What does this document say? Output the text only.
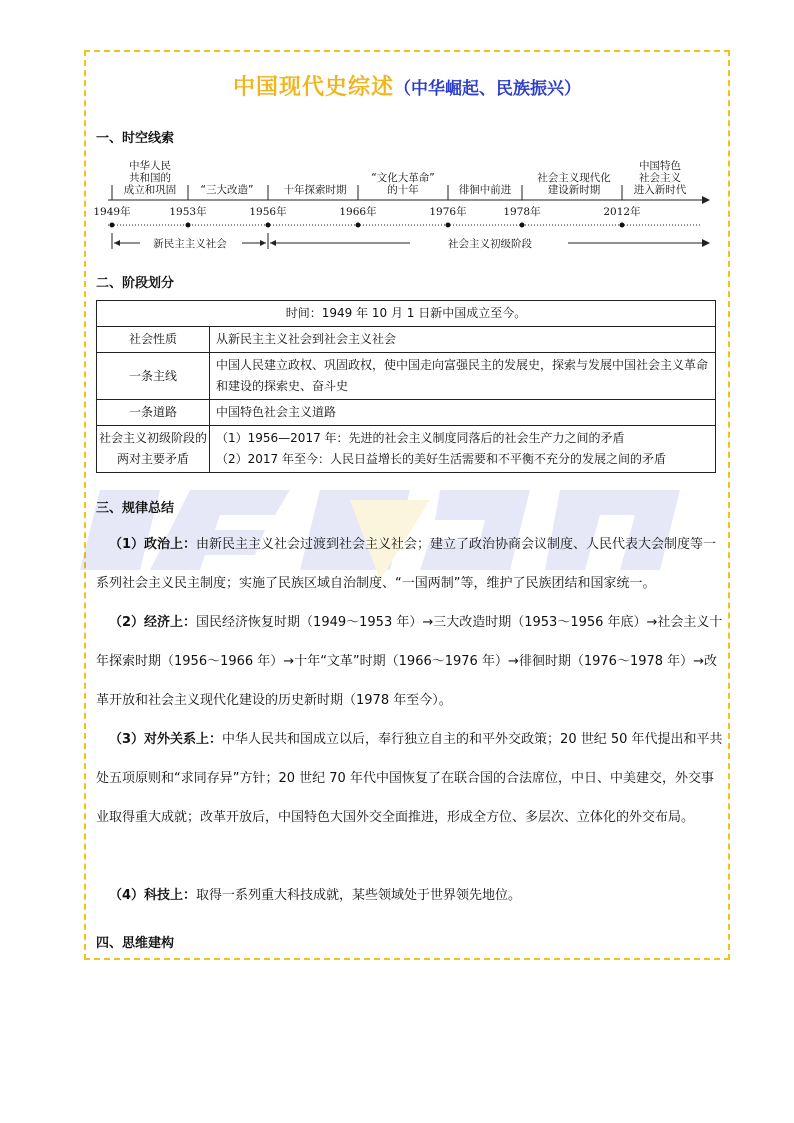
中国现代史综述（中华崛起、民族振兴）
一、时空线索
中华人民共和国的成立和巩固 “三大改造”	十年探索时期
“文化大革命”的十年	徘徊中前进
社会主义现代化建设新时期
中国特色社会主义进入新时代
1949年	1953年	1956年	1966年	1976年	1978年	2012年
新民主主义社会	社会主义初级阶段
二、阶段划分
时间：1949 年 10 月 1 日新中国成立至今。	
社会性质	从新民主主义社会到社会主义社会
一条主线	中国人民建立政权、巩固政权，使中国走向富强民主的发展史，探索与发展中国社会主义革命和建设的探索史、奋斗史
一条道路	中国特色社会主义道路
社会主义初级阶段的两对主要矛盾	（1）1956—2017 年：先进的社会主义制度同落后的社会生产力之间的矛盾
（2）2017 年至今：人民日益增长的美好生活需要和不平衡不充分的发展之间的矛盾
三、规律总结
（1）政治上：由新民主主义社会过渡到社会主义社会；建立了政治协商会议制度、人民代表大会制度等一系列社会主义民主制度；实施了民族区域自治制度、“一国两制”等，维护了民族团结和国家统一。
（2）经济上：国民经济恢复时期（1949～1953 年）→三大改造时期（1953～1956 年底）→社会主义十年探索时期（1956～1966 年）→十年“文革”时期（1966～1976 年）→徘徊时期（1976～1978 年）→改革开放和社会主义现代化建设的历史新时期（1978 年至今）。
（3）对外关系上：中华人民共和国成立以后，奉行独立自主的和平外交政策；20 世纪 50 年代提出和平共处五项原则和“求同存异”方针；20 世纪 70 年代中国恢复了在联合国的合法席位，中日、中美建交，外交事业取得重大成就；改革开放后，中国特色大国外交全面推进，形成全方位、多层次、立体化的外交布局。
（4）科技上：取得一系列重大科技成就，某些领域处于世界领先地位。
四、思维建构
